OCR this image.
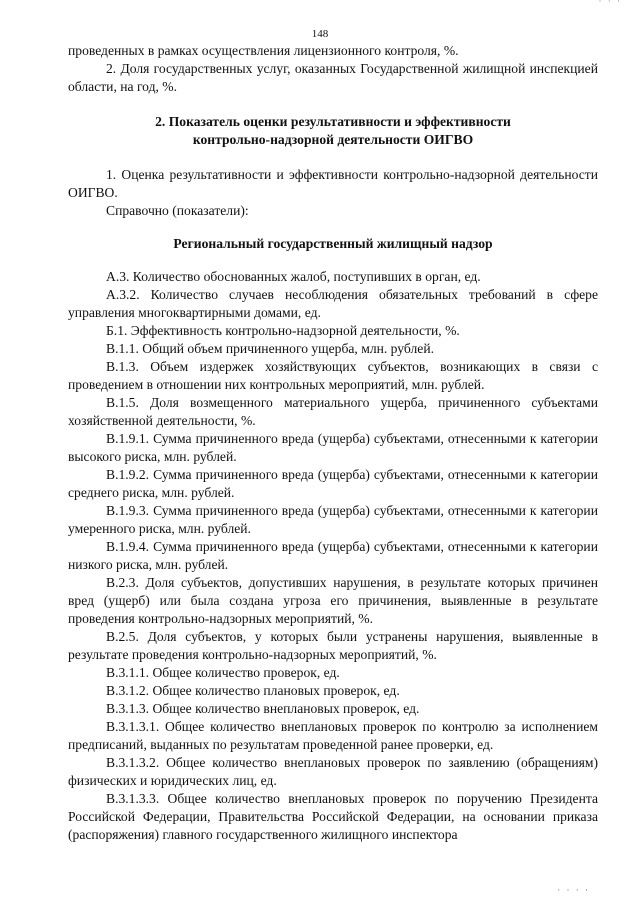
· · ·
148

проведенных в рамках осуществления лицензионного контроля, %.

2. Доля государственных услуг, оказанных Государственной жилищной инспекцией области, на год, %.

2. Показатель оценки результативности и эффективности
контрольно-надзорной деятельности ОИГВО

1. Оценка результативности и эффективности контрольно-надзорной деятельности ОИГВО.

Справочно (показатели):

Региональный государственный жилищный надзор

А.3. Количество обоснованных жалоб, поступивших в орган, ед.

А.3.2. Количество случаев несоблюдения обязательных требований в сфере управления многоквартирными домами, ед.

Б.1. Эффективность контрольно-надзорной деятельности, %.

В.1.1. Общий объем причиненного ущерба, млн. рублей.

В.1.3. Объем издержек хозяйствующих субъектов, возникающих в связи с проведением в отношении них контрольных мероприятий, млн. рублей.

В.1.5. Доля возмещенного материального ущерба, причиненного субъектами хозяйственной деятельности, %.

В.1.9.1. Сумма причиненного вреда (ущерба) субъектами, отнесенными к категории высокого риска, млн. рублей.

В.1.9.2. Сумма причиненного вреда (ущерба) субъектами, отнесенными к категории среднего риска, млн. рублей.

В.1.9.3. Сумма причиненного вреда (ущерба) субъектами, отнесенными к категории умеренного риска, млн. рублей.

В.1.9.4. Сумма причиненного вреда (ущерба) субъектами, отнесенными к категории низкого риска, млн. рублей.

В.2.3. Доля субъектов, допустивших нарушения, в результате которых причинен вред (ущерб) или была создана угроза его причинения, выявленные в результате проведения контрольно-надзорных мероприятий, %.

В.2.5. Доля субъектов, у которых были устранены нарушения, выявленные в результате проведения контрольно-надзорных мероприятий, %.

В.3.1.1. Общее количество проверок, ед.

В.3.1.2. Общее количество плановых проверок, ед.

В.3.1.3. Общее количество внеплановых проверок, ед.

В.3.1.3.1. Общее количество внеплановых проверок по контролю за исполнением предписаний, выданных по результатам проведенной ранее проверки, ед.

В.3.1.3.2. Общее количество внеплановых проверок по заявлению (обращениям) физических и юридических лиц, ед.

В.3.1.3.3. Общее количество внеплановых проверок по поручению Президента Российской Федерации, Правительства Российской Федерации, на основании приказа (распоряжения) главного государственного жилищного инспектора

· · · ·
